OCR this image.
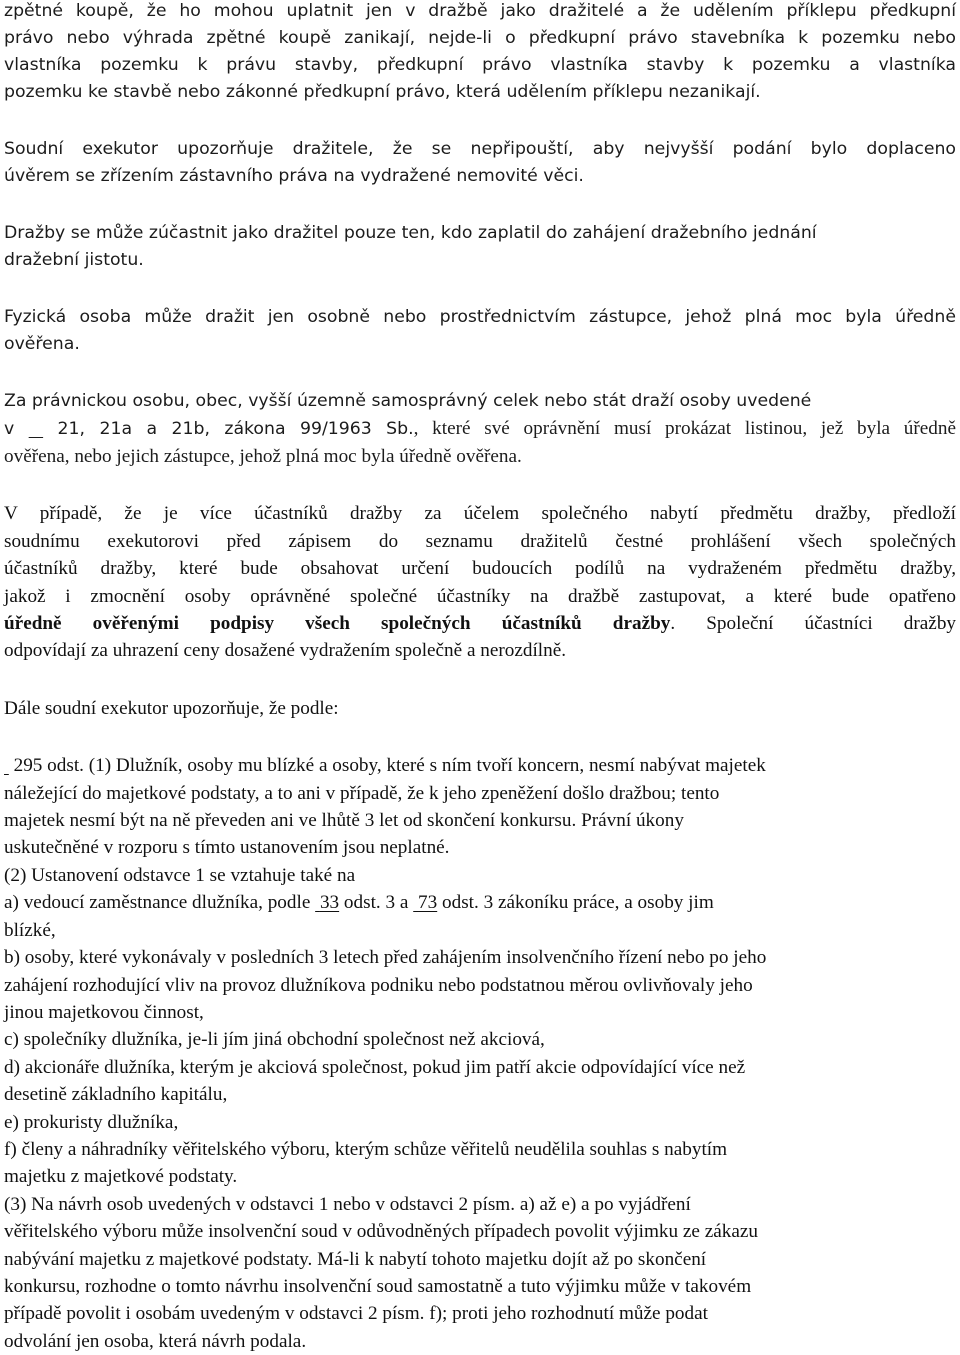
zpětné koupě, že ho mohou uplatnit jen v dražbě jako dražitelé a že udělením příklepu předkupní
právo nebo výhrada zpětné koupě zanikají, nejde-li o předkupní právo stavebníka k pozemku nebo
vlastníka pozemku k právu stavby, předkupní právo vlastníka stavby k pozemku a vlastníka
pozemku ke stavbě nebo zákonné předkupní právo, která udělením příklepu nezanikají.
Soudní exekutor upozorňuje dražitele, že se nepřipouští, aby nejvyšší podání bylo doplaceno
úvěrem se zřízením zástavního práva na vydražené nemovité věci.
Dražby se může zúčastnit jako dražitel pouze ten, kdo zaplatil do zahájení dražebního jednání
dražební jistotu.
Fyzická osoba může dražit jen osobně nebo prostřednictvím zástupce, jehož plná moc byla úředně
ověřena.
Za právnickou osobu, obec, vyšší územně samosprávný celek nebo stát draží osoby uvedené
v	21, 21a a 21b, zákona 99/1963 Sb., které své oprávnění musí prokázat listinou, jež byla úředně
ověřena, nebo jejich zástupce, jehož plná moc byla úředně ověřena.
V případě, že je více účastníků dražby za účelem společného nabytí předmětu dražby, předloží
soudnímu exekutorovi před zápisem do seznamu dražitelů čestné prohlášení všech společných
účastníků dražby, které bude obsahovat určení budoucích podílů na vydraženém předmětu dražby,
jakož i zmocnění osoby oprávněné společné účastníky na dražbě zastupovat, a které bude opatřeno
úředně ověřenými podpisy všech společných účastníků dražby. Společní účastníci dražby
odpovídají za uhrazení ceny dosažené vydražením společně a nerozdílně.
Dále soudní exekutor upozorňuje, že podle:
295 odst. (1) Dlužník, osoby mu blízké a osoby, které s ním tvoří koncern, nesmí nabývat majetek
náležející do majetkové podstaty, a to ani v případě, že k jeho zpeněžení došlo dražbou; tento
majetek nesmí být na ně převeden ani ve lhůtě 3 let od skončení konkursu. Právní úkony
uskutečněné v rozporu s tímto ustanovením jsou neplatné.
(2) Ustanovení odstavce 1 se vztahuje také na
a) vedoucí zaměstnance dlužníka, podle 33 odst. 3 a 73 odst. 3 zákoníku práce, a osoby jim
blízké,
b) osoby, které vykonávaly v posledních 3 letech před zahájením insolvenčního řízení nebo po jeho
zahájení rozhodující vliv na provoz dlužníkova podniku nebo podstatnou měrou ovlivňovaly jeho
jinou majetkovou činnost,
c) společníky dlužníka, je-li jím jiná obchodní společnost než akciová,
d) akcionáře dlužníka, kterým je akciová společnost, pokud jim patří akcie odpovídající více než
desetině základního kapitálu,
e) prokuristy dlužníka,
f) členy a náhradníky věřitelského výboru, kterým schůze věřitelů neudělila souhlas s nabytím
majetku z majetkové podstaty.
(3) Na návrh osob uvedených v odstavci 1 nebo v odstavci 2 písm. a) až e) a po vyjádření
věřitelského výboru může insolvenční soud v odůvodněných případech povolit výjimku ze zákazu
nabývání majetku z majetkové podstaty. Má-li k nabytí tohoto majetku dojít až po skončení
konkursu, rozhodne o tomto návrhu insolvenční soud samostatně a tuto výjimku může v takovém
případě povolit i osobám uvedeným v odstavci 2 písm. f); proti jeho rozhodnutí může podat
odvolání jen osoba, která návrh podala.
